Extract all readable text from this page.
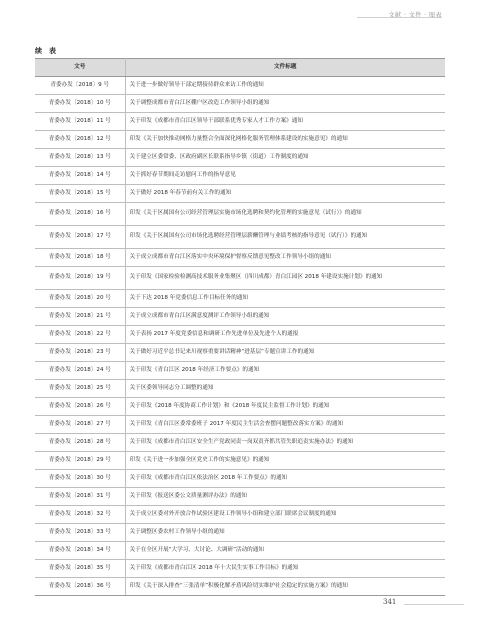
文献 · 文件 · 图表
续　表
文号	文件标题
青委办发〔2018〕9 号	关于进一步做好领导干部定期接待群众来访工作的通知
青委办发〔2018〕10 号	关于调整成都市青白江区棚户区改造工作领导小组的通知
青委办发〔2018〕11 号	关于印发《成都市青白江区领导干部联系优秀专家人才工作方案》通知
青委办发〔2018〕12 号	印发《关于加快推动网格力量整合全面深化网格化服务管理体系建设的实施意见》的通知
青委办发〔2018〕13 号	关于建立区委常委、区政府副区长联系指导乡镇（街道）工作制度的通知
青委办发〔2018〕14 号	关于抓好春节期间走访慰问工作的指导意见
青委办发〔2018〕15 号	关于做好 2018 年春节前有关工作的通知
青委办发〔2018〕16 号	印发《关于区属国有公司经营管理层实施市场化选聘和契约化管理的实施意见（试行）》的通知
青委办发〔2018〕17 号	印发《关于区属国有公司市场化选聘经营管理层薪酬管理与业绩考核的指导意见（试行）》的通知
青委办发〔2018〕18 号	关于成立成都市青白江区落实中央环境保护督察反馈意见整改工作领导小组的通知
青委办发〔2018〕19 号	关于印发《国家检验检测高技术服务业集聚区（四川成都）青白江园区 2018 年建设实施计划》的通知
青委办发〔2018〕20 号	关于下达 2018 年党委信息工作目标任务的通知
青委办发〔2018〕21 号	关于成立成都市青白江区满意度测评工作领导小组的通知
青委办发〔2018〕22 号	关于表扬 2017 年度党委信息和调研工作先进单位及先进个人的通报
青委办发〔2018〕23 号	关于做好习近平总书记来川视察重要讲话精神“进基层”专题宣讲工作的通知
青委办发〔2018〕24 号	关于印发《青白江区 2018 年经济工作要点》的通知
青委办发〔2018〕25 号	关于区委领导同志分工调整的通知
青委办发〔2018〕26 号	关于印发《2018 年度协商工作计划》和《2018 年度民主监督工作计划》的通知
青委办发〔2018〕27 号	关于印发《青白江区委常委班子 2017 年度民主生活会查摆问题整改落实方案》的通知
青委办发〔2018〕28 号	关于印发《成都市青白江区安全生产党政同责一岗双责齐抓共管失职追责实施办法》的通知
青委办发〔2018〕29 号	印发《关于进一步加强全区党史工作的实施意见》的通知
青委办发〔2018〕30 号	关于印发《成都市青白江区依法治区 2018 年工作要点》的通知
青委办发〔2018〕31 号	关于印发《报送区委公文质量测评办法》的通知
青委办发〔2018〕32 号	关于成立区委对外开放合作试验区建设工作领导小组和建立部门联席会议制度的通知
青委办发〔2018〕33 号	关于调整区委农村工作领导小组的通知
青委办发〔2018〕34 号	关于在全区开展“大学习、大讨论、大调研”活动的通知
青委办发〔2018〕35 号	关于印发《成都市青白江区 2018 年十大民生实事工作目标》的通知
青委办发〔2018〕36 号	印发《关于深入排查“三张清单”积极化解矛盾风险切实维护社会稳定的实施方案》的通知
341
